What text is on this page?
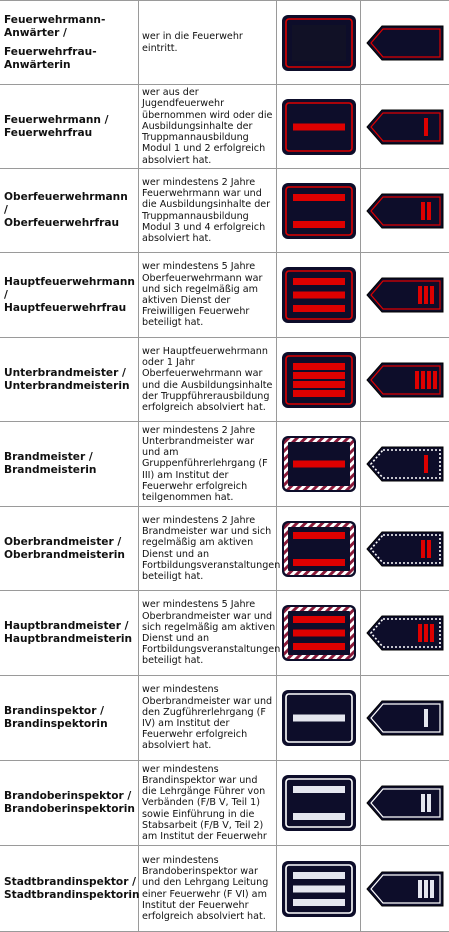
Feuerwehrmann-
Anwärter /
Feuerwehrfrau-
Anwärterin
wer in die Feuerwehr eintritt.
Feuerwehrmann /
Feuerwehrfrau
wer aus der Jugendfeuerwehr übernommen wird oder die Ausbildungsinhalte der Truppmannausbildung Modul 1 und 2 erfolgreich absolviert hat.
Oberfeuerwehrmann /
Oberfeuerwehrfrau
wer mindestens 2 Jahre Feuerwehrmann war und die Ausbildungsinhalte der Truppmannausbildung Modul 3 und 4 erfolgreich absolviert hat.
Hauptfeuerwehrmann /
Hauptfeuerwehrfrau
wer mindestens 5 Jahre Oberfeuerwehrmann war und sich regelmäßig am aktiven Dienst der Freiwilligen Feuerwehr beteiligt hat.
Unterbrandmeister /
Unterbrandmeisterin
wer Hauptfeuerwehrmann oder 1 Jahr Oberfeuerwehrmann war und die Ausbildungsinhalte der Truppführerausbildung erfolgreich absolviert hat.
Brandmeister /
Brandmeisterin
wer mindestens 2 Jahre Unterbrandmeister war und am Gruppenführerlehrgang (F III) am Institut der Feuerwehr erfolgreich teilgenommen hat.
Oberbrandmeister /
Oberbrandmeisterin
wer mindestens 2 Jahre Brandmeister war und sich regelmäßig am aktiven Dienst und an Fortbildungsveranstaltungen beteiligt hat.
Hauptbrandmeister /
Hauptbrandmeisterin
wer mindestens 5 Jahre Oberbrandmeister war und sich regelmäßig am aktiven Dienst und an Fortbildungsveranstaltungen beteiligt hat.
Brandinspektor /
Brandinspektorin
wer mindestens Oberbrandmeister war und den Zugführerlehrgang (F IV) am Institut der Feuerwehr erfolgreich absolviert hat.
Brandoberinspektor /
Brandoberinspektorin
wer mindestens Brandinspektor war und die Lehrgänge Führer von Verbänden (F/B V, Teil 1) sowie Einführung in die Stabsarbeit (F/B V, Teil 2) am Institut der Feuerwehr
Stadtbrandinspektor /
Stadtbrandinspektorin
wer mindestens Brandoberinspektor war und den Lehrgang Leitung einer Feuerwehr (F VI) am Institut der Feuerwehr erfolgreich absolviert hat.
